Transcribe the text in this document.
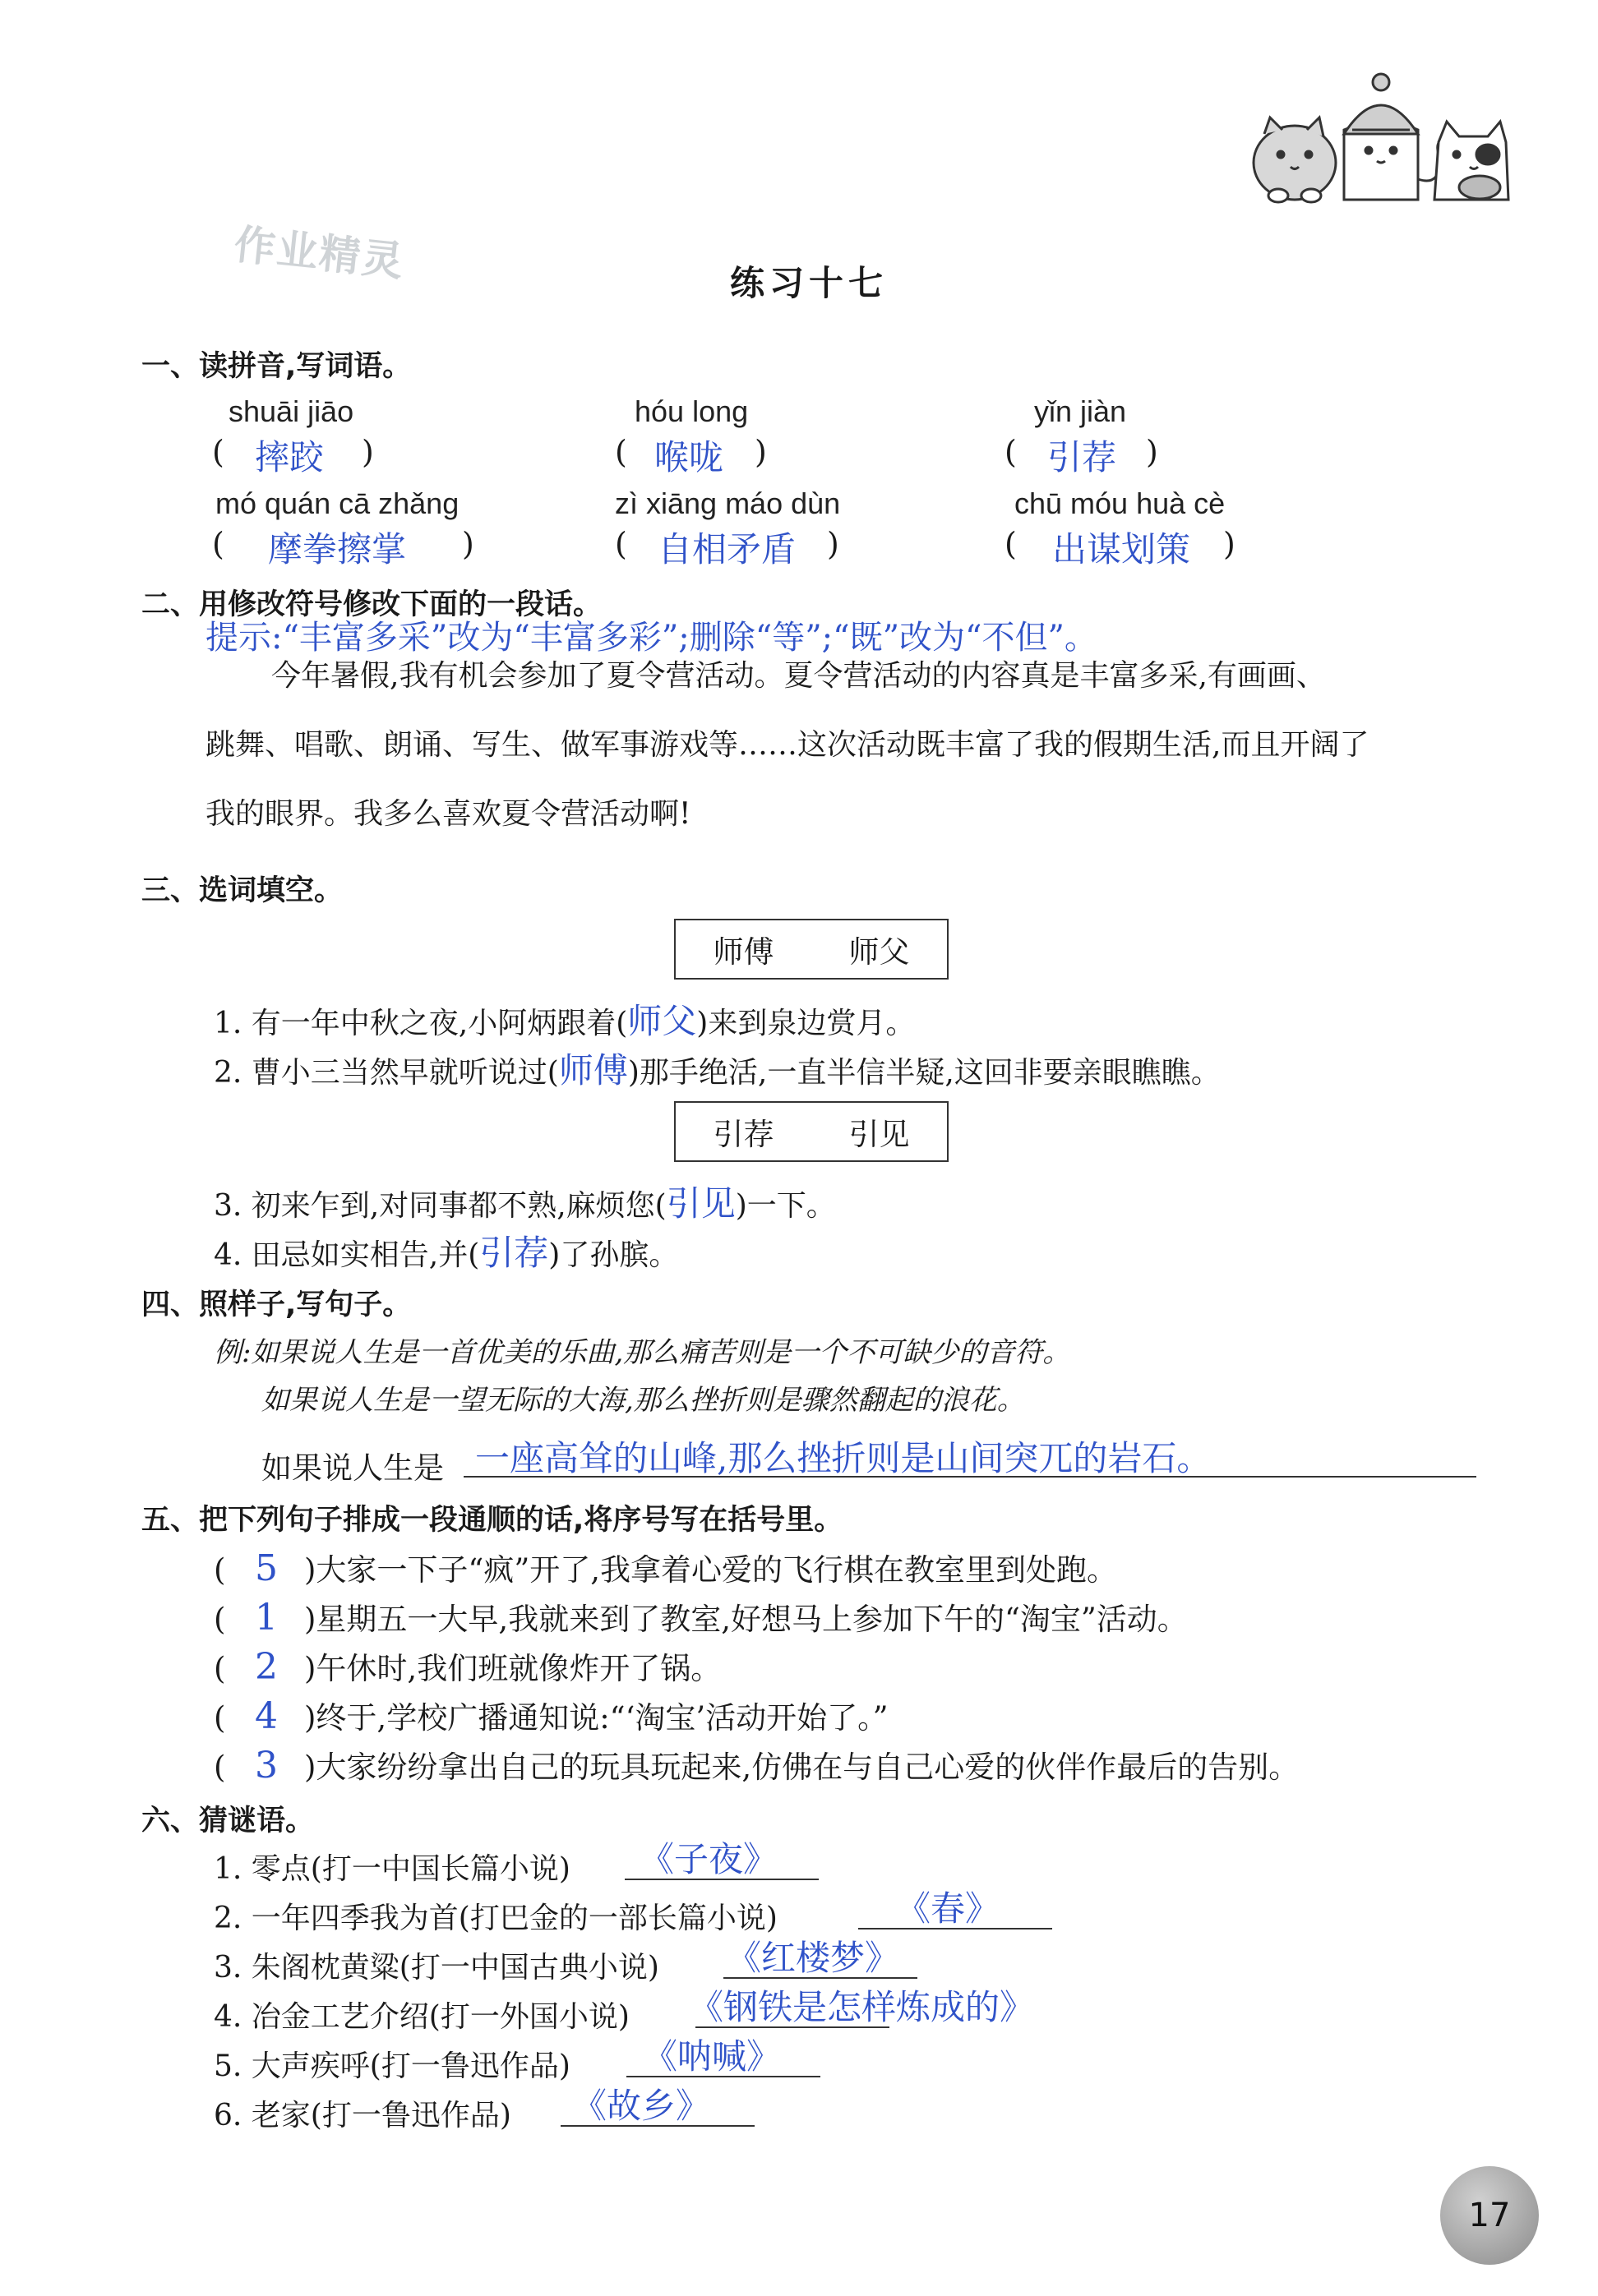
作业精灵	练习十七
一、读拼音,写词语。
shuāi jiāo	hóu long	yǐn jiàn
( 摔跤 )	( 喉咙 )	( 引荐 )
mó quán cā zhǎng	zì xiāng máo dùn	chū móu huà cè
( 摩拳擦掌 )	( 自相矛盾 )	( 出谋划策 )
二、用修改符号修改下面的一段话。
提示:“丰富多采”改为“丰富多彩”;删除“等”;“既”改为“不但”。
今年暑假,我有机会参加了夏令营活动。夏令营活动的内容真是丰富多采,有画画、
跳舞、唱歌、朗诵、写生、做军事游戏等……这次活动既丰富了我的假期生活,而且开阔了
我的眼界。我多么喜欢夏令营活动啊!
三、选词填空。
师傅 师父
1. 有一年中秋之夜,小阿炳跟着(师父)来到泉边赏月。
2. 曹小三当然早就听说过(师傅)那手绝活,一直半信半疑,这回非要亲眼瞧瞧。
引荐 引见
3. 初来乍到,对同事都不熟,麻烦您(引见)一下。
4. 田忌如实相告,并(引荐)了孙膑。
四、照样子,写句子。
例:如果说人生是一首优美的乐曲,那么痛苦则是一个不可缺少的音符。
如果说人生是一望无际的大海,那么挫折则是骤然翻起的浪花。
如果说人生是 一座高耸的山峰,那么挫折则是山间突兀的岩石。
五、把下列句子排成一段通顺的话,将序号写在括号里。
( 5 )大家一下子“疯”开了,我拿着心爱的飞行棋在教室里到处跑。
( 1 )星期五一大早,我就来到了教室,好想马上参加下午的“淘宝”活动。
( 2 )午休时,我们班就像炸开了锅。
( 4 )终于,学校广播通知说:“‘淘宝’活动开始了。”
( 3 )大家纷纷拿出自己的玩具玩起来,仿佛在与自己心爱的伙伴作最后的告别。
六、猜谜语。
1. 零点(打一中国长篇小说) 《子夜》
2. 一年四季我为首(打巴金的一部长篇小说)	《春》
3. 朱阁枕黄粱(打一中国古典小说) 《红楼梦》
4. 冶金工艺介绍(打一外国小说) 《钢铁是怎样炼成的》
5. 大声疾呼(打一鲁迅作品) 《呐喊》
6. 老家(打一鲁迅作品) 《故乡》
17
